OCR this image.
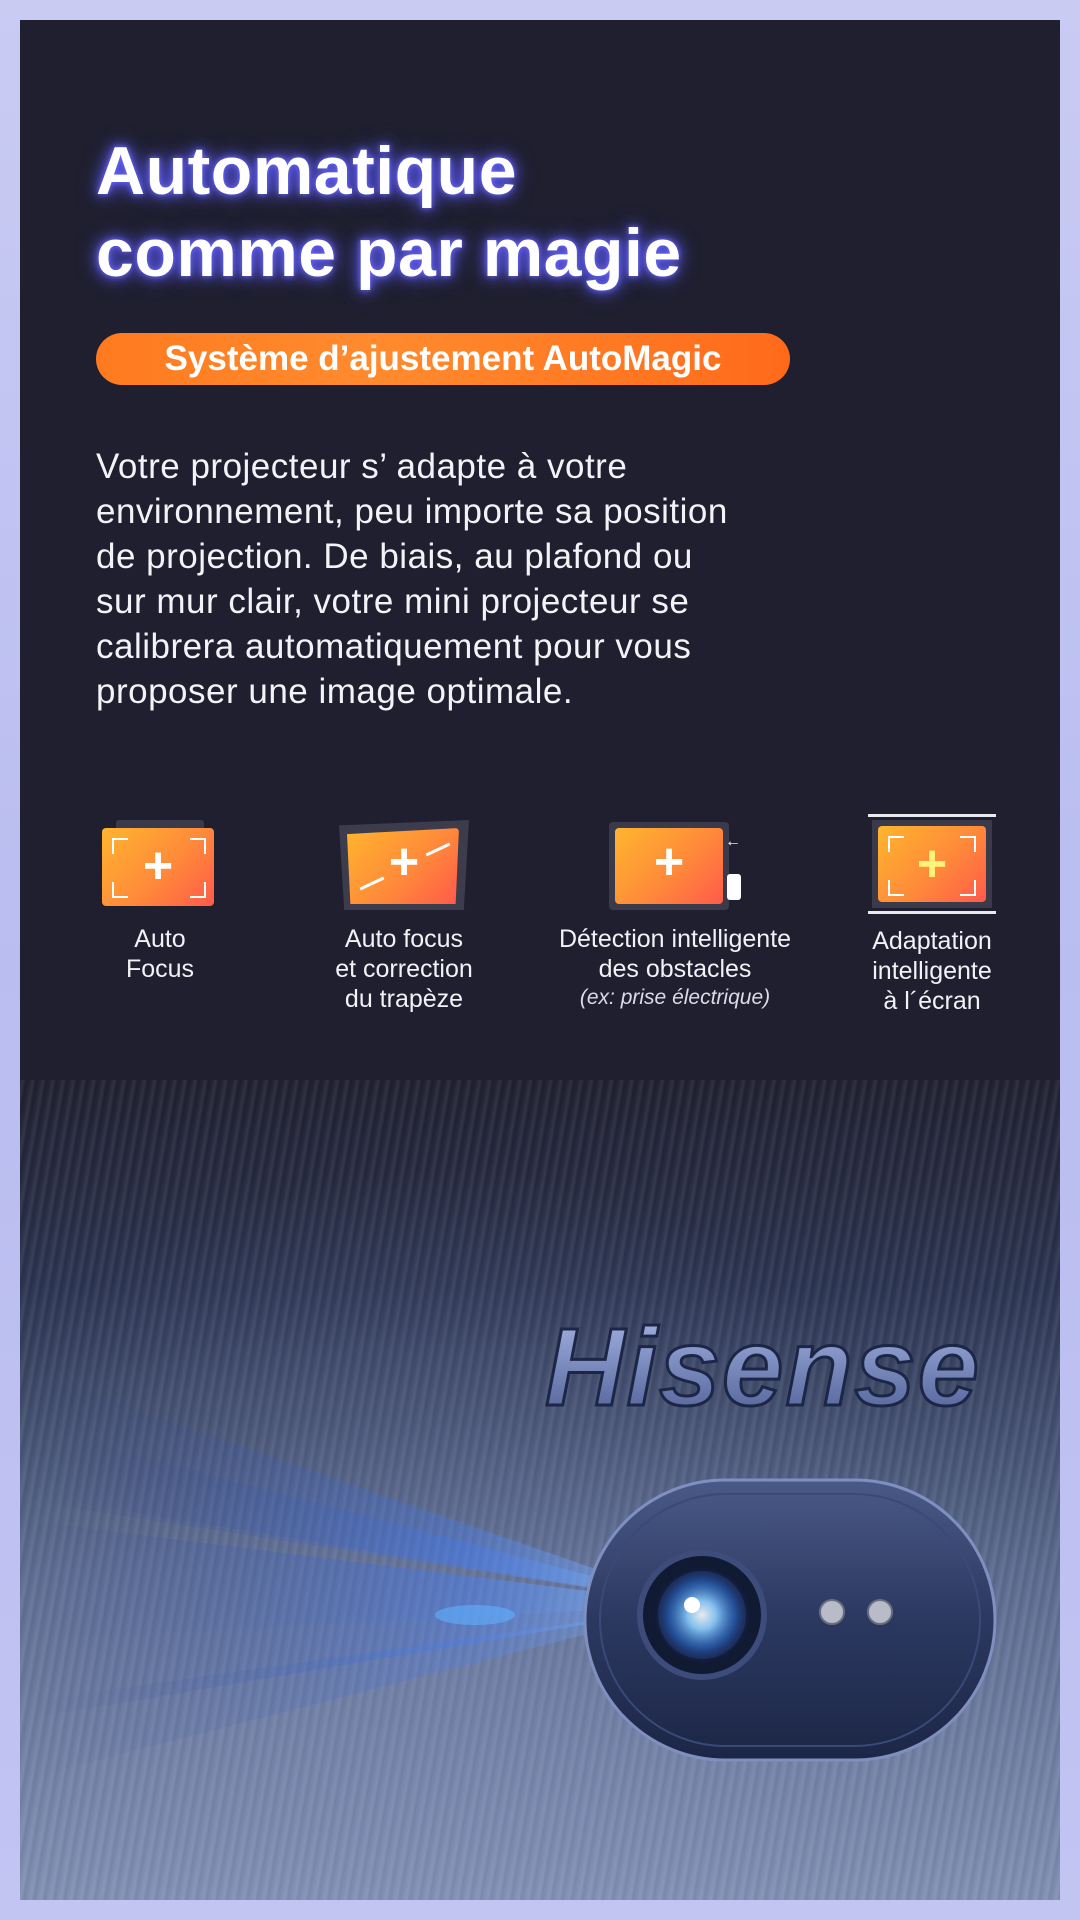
Automatique
comme par magie
Système d’ajustement AutoMagic
Votre projecteur s’ adapte à votre
environnement, peu importe sa position
de projection. De biais, au plafond ou
sur mur clair, votre mini projecteur se
calibrera automatiquement pour vous
proposer une image optimale.
+
Auto
Focus
+
Auto focus
et correction
du trapèze
+	←
Détection intelligente
des obstacles
(ex: prise électrique)
+
Adaptation
intelligente
à l´écran
Hisense
